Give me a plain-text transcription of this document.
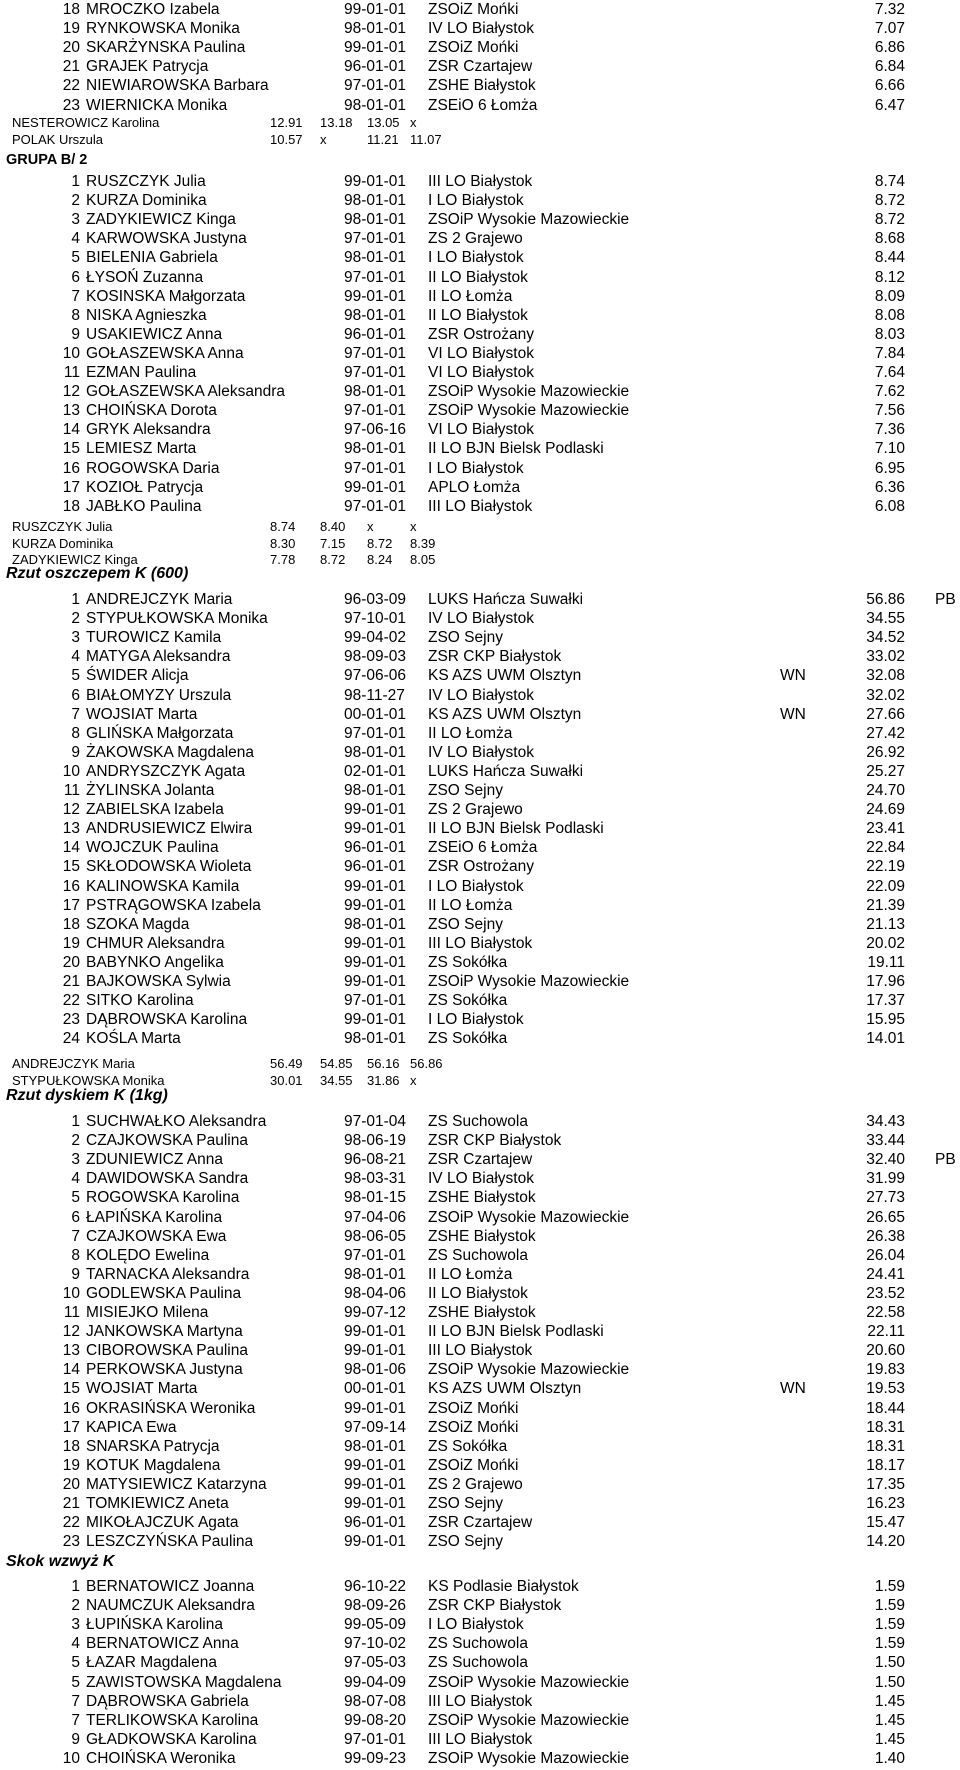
18 MROCZKO Izabela	99-01-01 ZSOiZ Mońki	7.32
19 RYNKOWSKA Monika	98-01-01 IV LO Białystok	7.07
20 SKARŻYNSKA Paulina	99-01-01 ZSOiZ Mońki	6.86
21 GRAJEK Patrycja	96-01-01 ZSR Czartajew	6.84
22 NIEWIAROWSKA Barbara	97-01-01 ZSHE Białystok	6.66
23 WIERNICKA Monika	98-01-01 ZSEiO 6 Łomża	6.47
NESTEROWICZ Karolina	12.91 13.18 13.05 x
POLAK Urszula	10.57 x	11.21 11.07
GRUPA B/ 2
1 RUSZCZYK Julia	99-01-01 III LO Białystok	8.74
2 KURZA Dominika	98-01-01 I LO Białystok	8.72
3 ZADYKIEWICZ Kinga	98-01-01 ZSOiP Wysokie Mazowieckie	8.72
4 KARWOWSKA Justyna	97-01-01 ZS 2 Grajewo	8.68
5 BIELENIA Gabriela	98-01-01 I LO Białystok	8.44
6 ŁYSOŃ Zuzanna	97-01-01 II LO Białystok	8.12
7 KOSINSKA Małgorzata	99-01-01 II LO Łomża	8.09
8 NISKA Agnieszka	98-01-01 II LO Białystok	8.08
9 USAKIEWICZ Anna	96-01-01 ZSR Ostrożany	8.03
10 GOŁASZEWSKA Anna	97-01-01 VI LO Białystok	7.84
11 EZMAN Paulina	97-01-01 VI LO Białystok	7.64
12 GOŁASZEWSKA Aleksandra	98-01-01 ZSOiP Wysokie Mazowieckie	7.62
13 CHOIŃSKA Dorota	97-01-01 ZSOiP Wysokie Mazowieckie	7.56
14 GRYK Aleksandra	97-06-16 VI LO Białystok	7.36
15 LEMIESZ Marta	98-01-01 II LO BJN Bielsk Podlaski	7.10
16 ROGOWSKA Daria	97-01-01 I LO Białystok	6.95
17 KOZIOŁ Patrycja	99-01-01 APLO Łomża	6.36
18 JABŁKO Paulina	97-01-01 III LO Białystok	6.08
RUSZCZYK Julia	8.74 8.40 x	x
KURZA Dominika	8.30 7.15 8.72 8.39
ZADYKIEWICZ Kinga	7.78 8.72 8.24 8.05
Rzut oszczepem K (600)
1 ANDREJCZYK Maria	96-03-09 LUKS Hańcza Suwałki	56.86 PB
2 STYPUŁKOWSKA Monika	97-10-01 IV LO Białystok	34.55
3 TUROWICZ Kamila	99-04-02 ZSO Sejny	34.52
4 MATYGA Aleksandra	98-09-03 ZSR CKP Białystok	33.02
5 ŚWIDER Alicja	97-06-06 KS AZS UWM Olsztyn	WN	32.08
6 BIAŁOMYZY Urszula	98-11-27 IV LO Białystok	32.02
7 WOJSIAT Marta	00-01-01 KS AZS UWM Olsztyn	WN	27.66
8 GLIŃSKA Małgorzata	97-01-01 II LO Łomża	27.42
9 ŻAKOWSKA Magdalena	98-01-01 IV LO Białystok	26.92
10 ANDRYSZCZYK Agata	02-01-01 LUKS Hańcza Suwałki	25.27
11 ŻYLINSKA Jolanta	98-01-01 ZSO Sejny	24.70
12 ZABIELSKA Izabela	99-01-01 ZS 2 Grajewo	24.69
13 ANDRUSIEWICZ Elwira	99-01-01 II LO BJN Bielsk Podlaski	23.41
14 WOJCZUK Paulina	96-01-01 ZSEiO 6 Łomża	22.84
15 SKŁODOWSKA Wioleta	96-01-01 ZSR Ostrożany	22.19
16 KALINOWSKA Kamila	99-01-01 I LO Białystok	22.09
17 PSTRĄGOWSKA Izabela	99-01-01 II LO Łomża	21.39
18 SZOKA Magda	98-01-01 ZSO Sejny	21.13
19 CHMUR Aleksandra	99-01-01 III LO Białystok	20.02
20 BABYNKO Angelika	99-01-01 ZS Sokółka	19.11
21 BAJKOWSKA Sylwia	99-01-01 ZSOiP Wysokie Mazowieckie	17.96
22 SITKO Karolina	97-01-01 ZS Sokółka	17.37
23 DĄBROWSKA Karolina	99-01-01 I LO Białystok	15.95
24 KOŚLA Marta	98-01-01 ZS Sokółka	14.01
ANDREJCZYK Maria	56.49 54.85 56.16 56.86
STYPUŁKOWSKA Monika	30.01 34.55 31.86 x
Rzut dyskiem K (1kg)
1 SUCHWAŁKO Aleksandra	97-01-04 ZS Suchowola	34.43
2 CZAJKOWSKA Paulina	98-06-19 ZSR CKP Białystok	33.44
3 ZDUNIEWICZ Anna	96-08-21 ZSR Czartajew	32.40 PB
4 DAWIDOWSKA Sandra	98-03-31 IV LO Białystok	31.99
5 ROGOWSKA Karolina	98-01-15 ZSHE Białystok	27.73
6 ŁAPIŃSKA Karolina	97-04-06 ZSOiP Wysokie Mazowieckie	26.65
7 CZAJKOWSKA Ewa	98-06-05 ZSHE Białystok	26.38
8 KOLĘDO Ewelina	97-01-01 ZS Suchowola	26.04
9 TARNACKA Aleksandra	98-01-01 II LO Łomża	24.41
10 GODLEWSKA Paulina	98-04-06 II LO Białystok	23.52
11 MISIEJKO Milena	99-07-12 ZSHE Białystok	22.58
12 JANKOWSKA Martyna	99-01-01 II LO BJN Bielsk Podlaski	22.11
13 CIBOROWSKA Paulina	99-01-01 III LO Białystok	20.60
14 PERKOWSKA Justyna	98-01-06 ZSOiP Wysokie Mazowieckie	19.83
15 WOJSIAT Marta	00-01-01 KS AZS UWM Olsztyn	WN	19.53
16 OKRASIŃSKA Weronika	99-01-01 ZSOiZ Mońki	18.44
17 KAPICA Ewa	97-09-14 ZSOiZ Mońki	18.31
18 SNARSKA Patrycja	98-01-01 ZS Sokółka	18.31
19 KOTUK Magdalena	99-01-01 ZSOiZ Mońki	18.17
20 MATYSIEWICZ Katarzyna	99-01-01 ZS 2 Grajewo	17.35
21 TOMKIEWICZ Aneta	99-01-01 ZSO Sejny	16.23
22 MIKOŁAJCZUK Agata	96-01-01 ZSR Czartajew	15.47
23 LESZCZYŃSKA Paulina	99-01-01 ZSO Sejny	14.20
Skok wzwyż K
1 BERNATOWICZ Joanna	96-10-22 KS Podlasie Białystok	1.59
2 NAUMCZUK Aleksandra	98-09-26 ZSR CKP Białystok	1.59
3 ŁUPIŃSKA Karolina	99-05-09 I LO Białystok	1.59
4 BERNATOWICZ Anna	97-10-02 ZS Suchowola	1.59
5 ŁAZAR Magdalena	97-05-03 ZS Suchowola	1.50
5 ZAWISTOWSKA Magdalena	99-04-09 ZSOiP Wysokie Mazowieckie	1.50
7 DĄBROWSKA Gabriela	98-07-08 III LO Białystok	1.45
7 TERLIKOWSKA Karolina	99-08-20 ZSOiP Wysokie Mazowieckie	1.45
9 GŁADKOWSKA Karolina	97-01-01 III LO Białystok	1.45
10 CHOIŃSKA Weronika	99-09-23 ZSOiP Wysokie Mazowieckie	1.40
